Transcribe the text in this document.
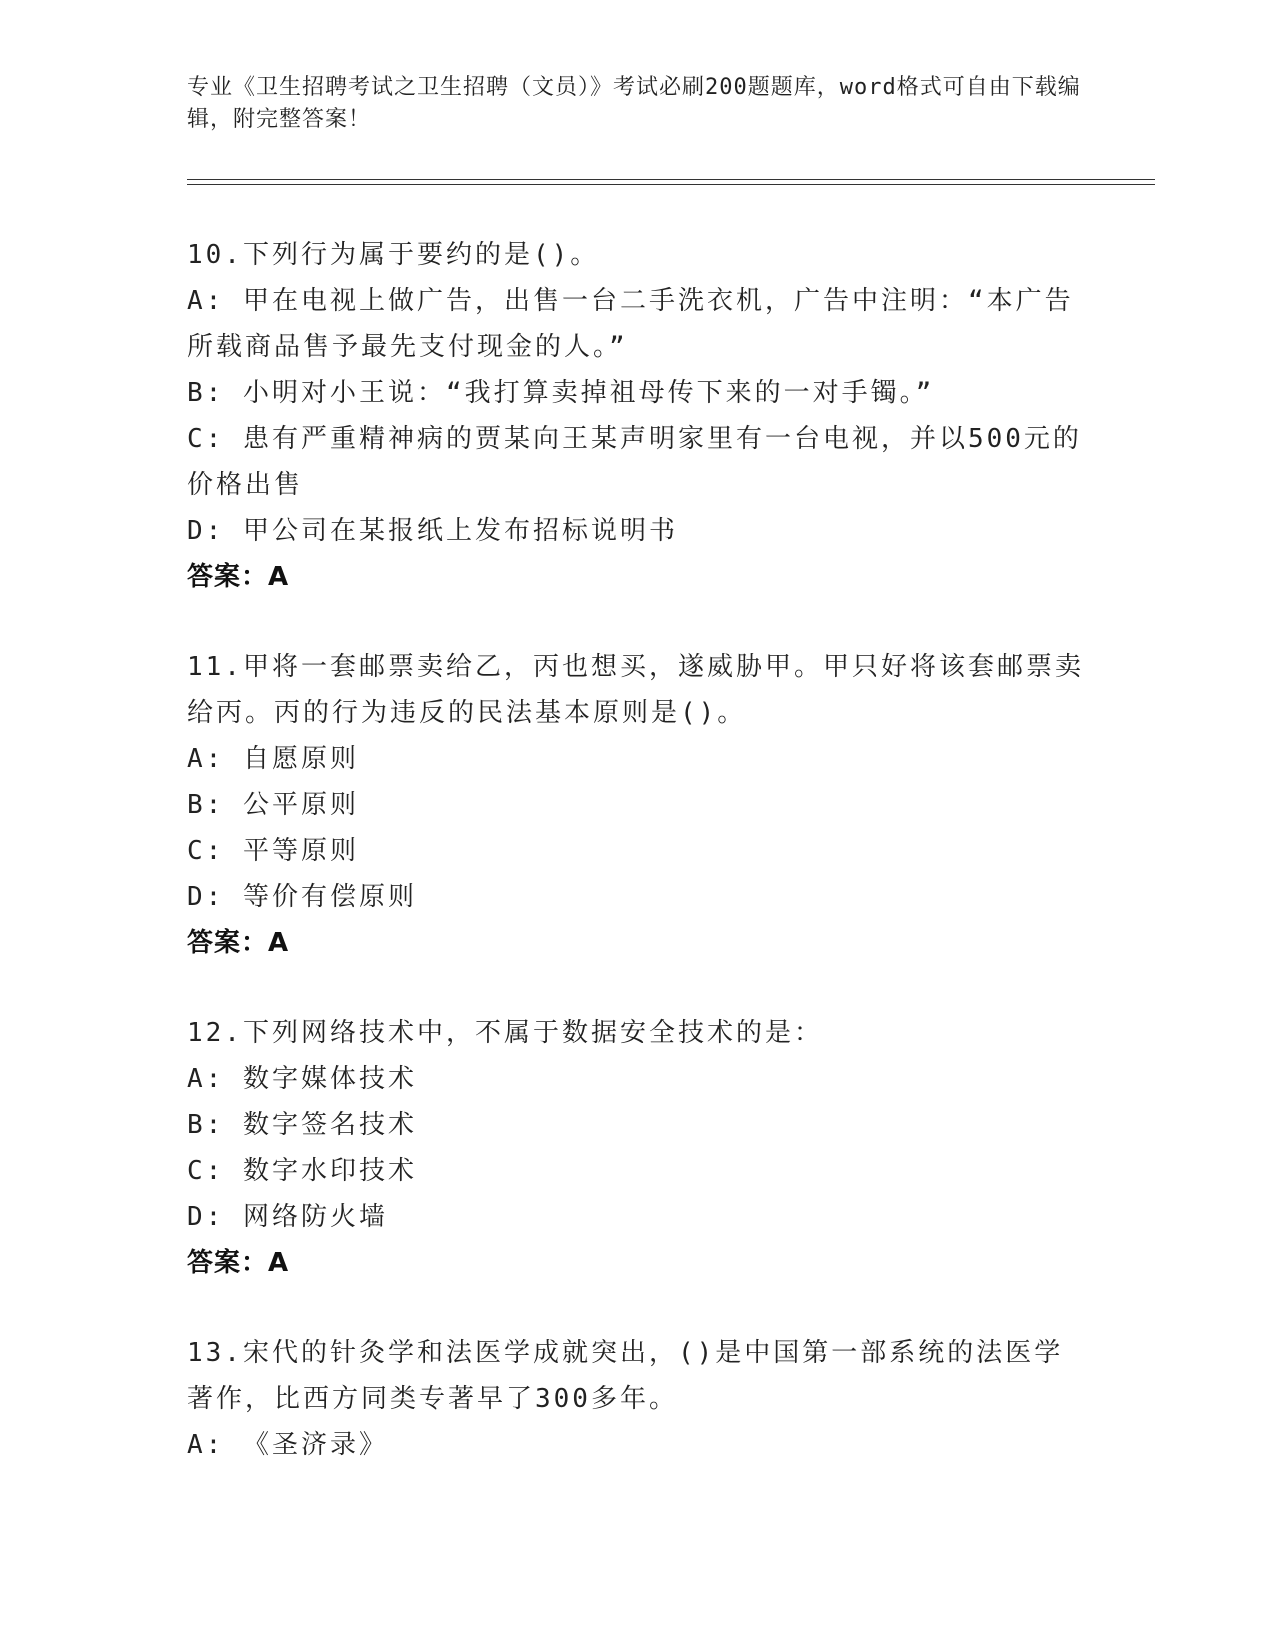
专业《卫生招聘考试之卫生招聘（文员）》考试必刷200题题库，word格式可自由下载编辑，附完整答案！
10.下列行为属于要约的是()。
A: 甲在电视上做广告，出售一台二手洗衣机，广告中注明：“本广告所载商品售予最先支付现金的人。”
B: 小明对小王说：“我打算卖掉祖母传下来的一对手镯。”
C: 患有严重精神病的贾某向王某声明家里有一台电视，并以500元的价格出售
D: 甲公司在某报纸上发布招标说明书
答案：A
11.甲将一套邮票卖给乙，丙也想买，遂威胁甲。甲只好将该套邮票卖给丙。丙的行为违反的民法基本原则是()。
A: 自愿原则
B: 公平原则
C: 平等原则
D: 等价有偿原则
答案：A
12.下列网络技术中，不属于数据安全技术的是：
A: 数字媒体技术
B: 数字签名技术
C: 数字水印技术
D: 网络防火墙
答案：A
13.宋代的针灸学和法医学成就突出，()是中国第一部系统的法医学著作，比西方同类专著早了300多年。
A: 《圣济录》
